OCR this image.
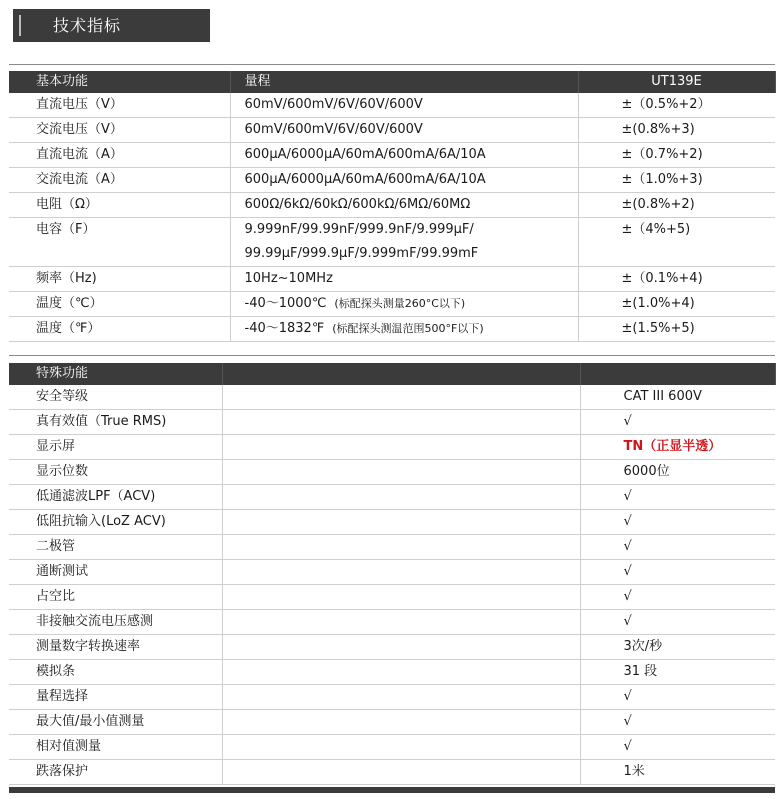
技术指标
基本功能	量程	UT139E
直流电压（V）	60mV/600mV/6V/60V/600V	±（0.5%+2）
交流电压（V）	60mV/600mV/6V/60V/600V	±(0.8%+3)
直流电流（A）	600μA/6000μA/60mA/600mA/6A/10A	±（0.7%+2)
交流电流（A）	600μA/6000μA/60mA/600mA/6A/10A	±（1.0%+3)
电阻（Ω）	600Ω/6kΩ/60kΩ/600kΩ/6MΩ/60MΩ	±(0.8%+2)
电容（F）	9.999nF/99.99nF/999.9nF/9.999μF/
99.99μF/999.9μF/9.999mF/99.99mF	±（4%+5)
频率（Hz)	10Hz~10MHz	±（0.1%+4)
温度（℃）	-40～1000℃ (标配探头测量260°C以下)	±(1.0%+4)
温度（℉）	-40～1832℉ (标配探头测温范围500°F以下)	±(1.5%+5)
特殊功能		
安全等级		CAT III 600V
真有效值（True RMS)		√
显示屏		TN（正显半透）
显示位数		6000位
低通滤波LPF（ACV)		√
低阻抗输入(LoZ ACV)		√
二极管		√
通断测试		√
占空比		√
非接触交流电压感测		√
测量数字转换速率		3次/秒
模拟条		31 段
量程选择		√
最大值/最小值测量		√
相对值测量		√
跌落保护		1米
